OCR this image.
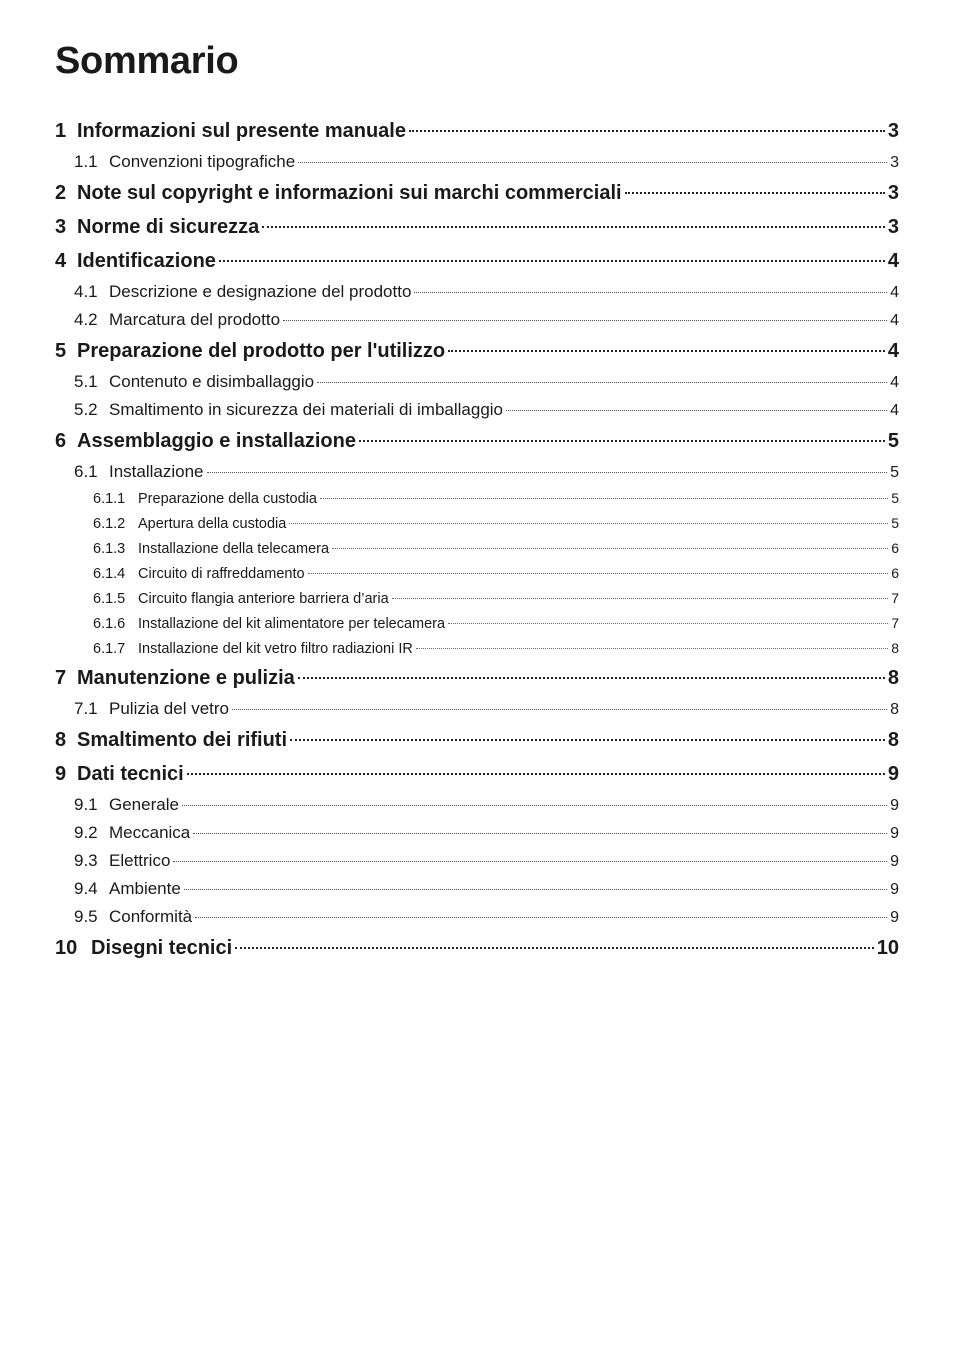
Sommario
1 Informazioni sul presente manuale	3
1.1 Convenzioni tipografiche	3
2 Note sul copyright e informazioni sui marchi commerciali	3
3 Norme di sicurezza	3
4 Identificazione	4
4.1 Descrizione e designazione del prodotto	4
4.2 Marcatura del prodotto	4
5 Preparazione del prodotto per l'utilizzo	4
5.1 Contenuto e disimballaggio	4
5.2 Smaltimento in sicurezza dei materiali di imballaggio	4
6 Assemblaggio e installazione	5
6.1 Installazione	5
6.1.1 Preparazione della custodia	5
6.1.2 Apertura della custodia	5
6.1.3 Installazione della telecamera	6
6.1.4 Circuito di raffreddamento	6
6.1.5 Circuito flangia anteriore barriera d’aria	7
6.1.6 Installazione del kit alimentatore per telecamera	7
6.1.7 Installazione del kit vetro filtro radiazioni IR	8
7 Manutenzione e pulizia	8
7.1 Pulizia del vetro	8
8 Smaltimento dei rifiuti	8
9 Dati tecnici	9
9.1 Generale	9
9.2 Meccanica	9
9.3 Elettrico	9
9.4 Ambiente	9
9.5 Conformità	9
10 Disegni tecnici	10
